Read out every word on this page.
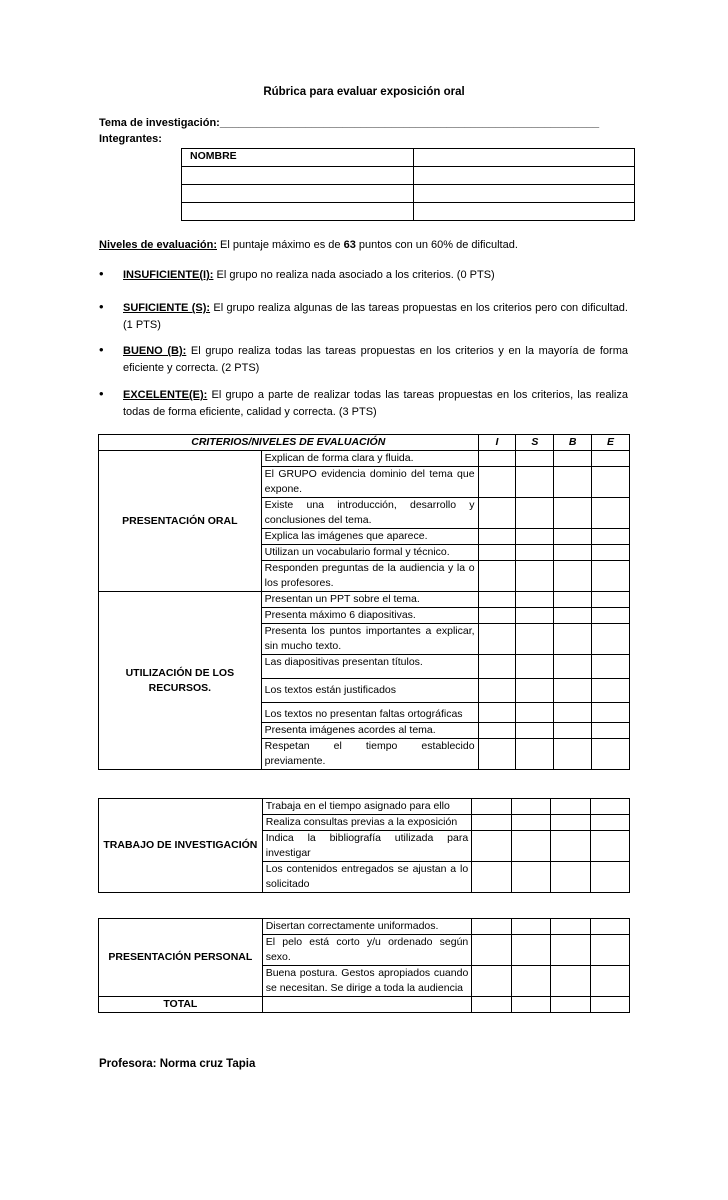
Rúbrica para evaluar exposición oral
Tema de investigación:______________________________________________________________
Integrantes:
NOMBRE	

Niveles de evaluación: El puntaje máximo es de 63 puntos con un 60% de dificultad.
• INSUFICIENTE(I): El grupo no realiza nada asociado a los criterios. (0 PTS)
• SUFICIENTE (S): El grupo realiza algunas de las tareas propuestas en los criterios pero con dificultad. (1 PTS)
• BUENO (B): El grupo realiza todas las tareas propuestas en los criterios y en la mayoría de forma eficiente y correcta. (2 PTS)
• EXCELENTE(E): El grupo a parte de realizar todas las tareas propuestas en los criterios, las realiza todas de forma eficiente, calidad y correcta. (3 PTS)
CRITERIOS/NIVELES DE EVALUACIÓN		I	S	B	E
PRESENTACIÓN ORAL	Explican de forma clara y fluida.				
	El GRUPO evidencia dominio del tema que expone.				
	Existe una introducción, desarrollo y conclusiones del tema.				
	Explica las imágenes que aparece.				
	Utilizan un vocabulario formal y técnico.				
	Responden preguntas de la audiencia y la o los profesores.				
UTILIZACIÓN DE LOS RECURSOS.	Presentan un PPT sobre el tema.				
	Presenta máximo 6 diapositivas.				
	Presenta los puntos importantes a explicar, sin mucho texto.				
	Las diapositivas presentan títulos.				
	Los textos están justificados				
	Los textos no presentan faltas ortográficas				
	Presenta imágenes acordes al tema.				
	Respetan el tiempo establecido previamente.				
TRABAJO DE INVESTIGACIÓN	Trabaja en el tiempo asignado para ello				
	Realiza consultas previas a la exposición				
	Indica la bibliografía utilizada para investigar				
	Los contenidos entregados se ajustan a lo solicitado				
PRESENTACIÓN PERSONAL	Disertan correctamente uniformados.				
	El pelo está corto y/u ordenado según sexo.				
	Buena postura. Gestos apropiados cuando se necesitan. Se dirige a toda la audiencia				
TOTAL					
Profesora: Norma cruz Tapia
